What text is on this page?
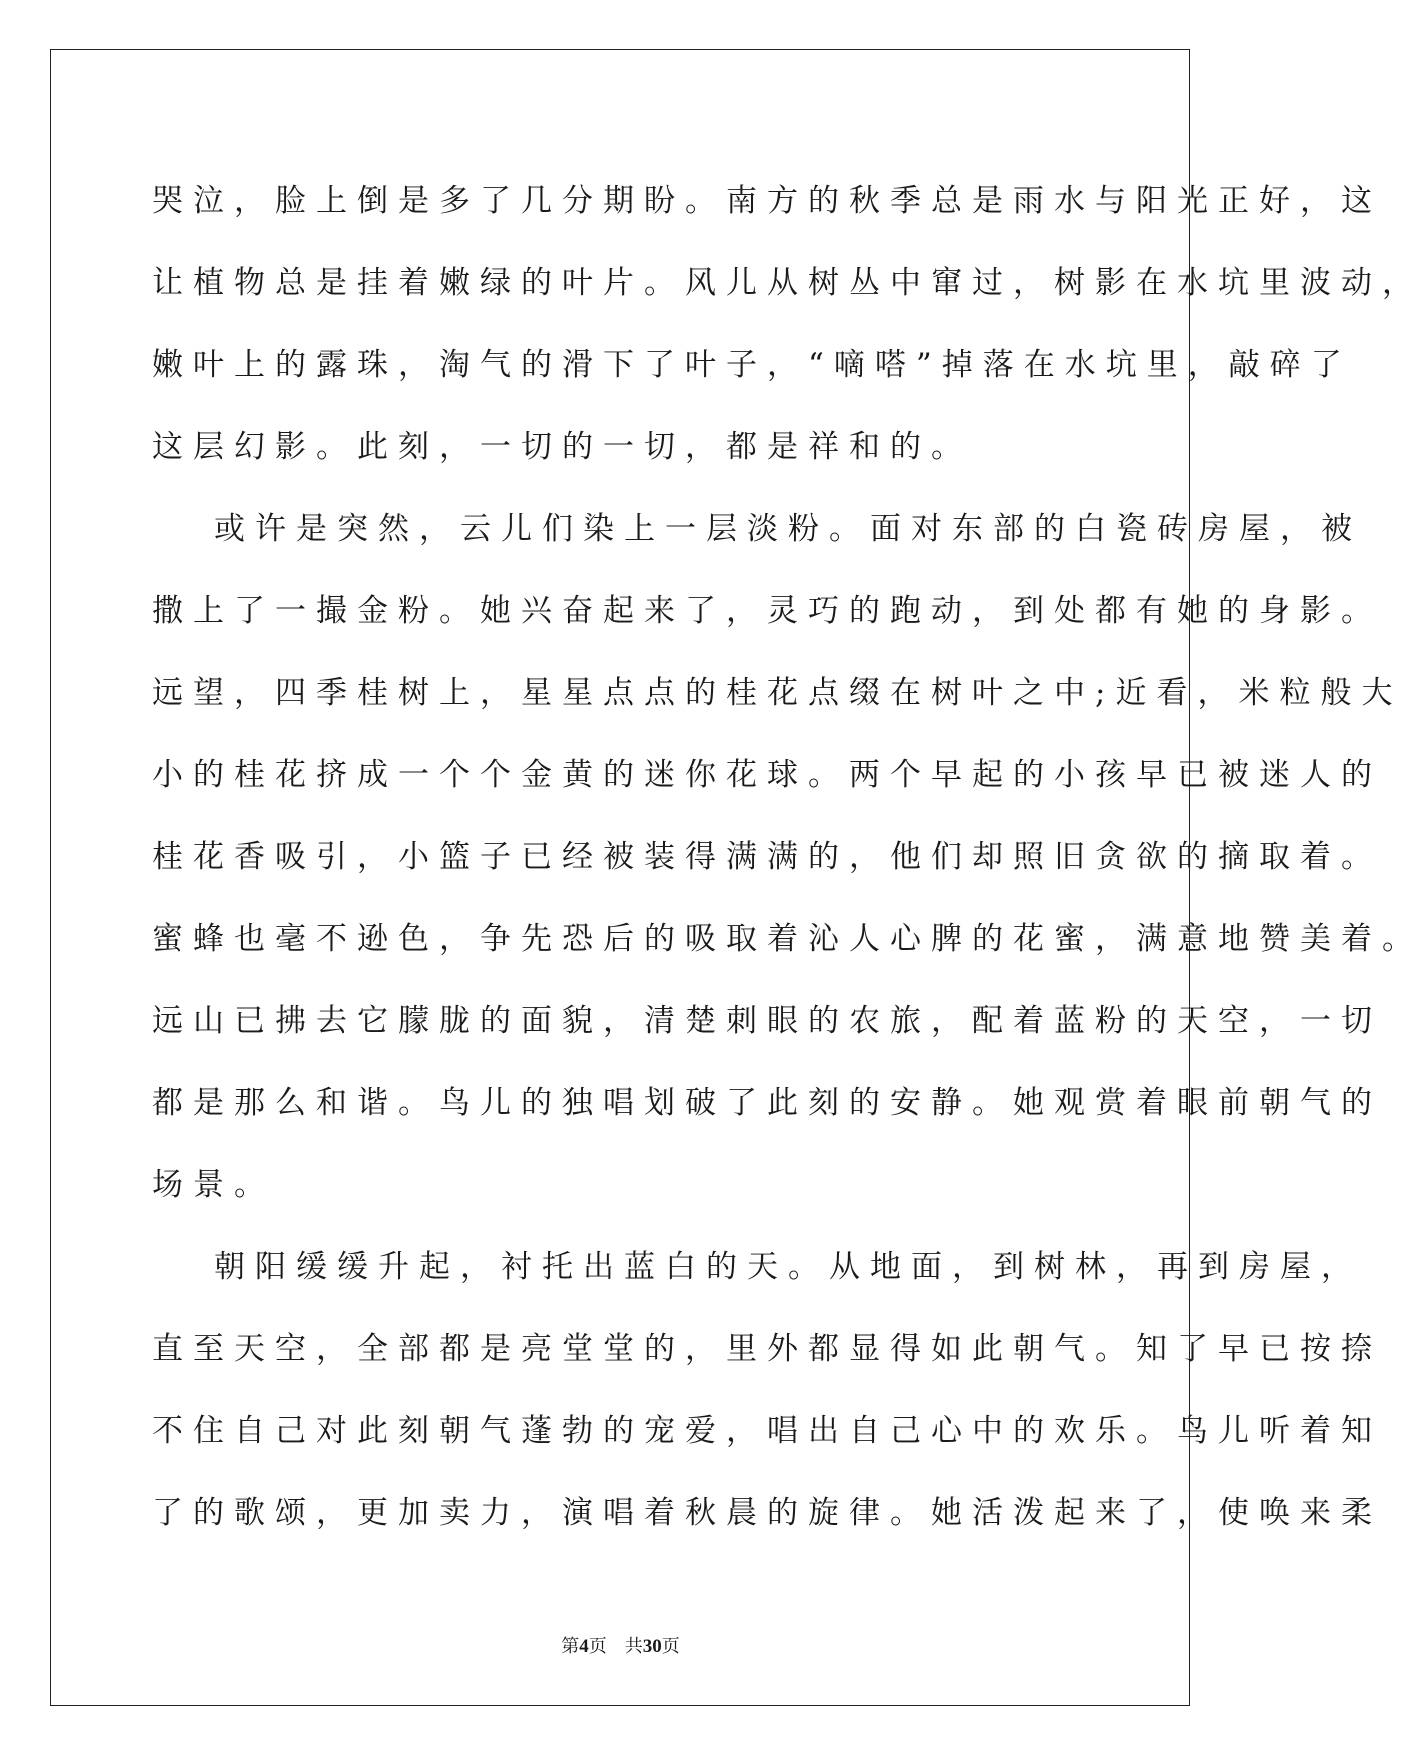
哭泣，脸上倒是多了几分期盼。南方的秋季总是雨水与阳光正好，这

让植物总是挂着嫩绿的叶片。风儿从树丛中窜过，树影在水坑里波动，

嫩叶上的露珠，淘气的滑下了叶子，“嘀嗒”掉落在水坑里，敲碎了

这层幻影。此刻，一切的一切，都是祥和的。

或许是突然，云儿们染上一层淡粉。面对东部的白瓷砖房屋，被

撒上了一撮金粉。她兴奋起来了，灵巧的跑动，到处都有她的身影。

远望，四季桂树上，星星点点的桂花点缀在树叶之中;近看，米粒般大

小的桂花挤成一个个金黄的迷你花球。两个早起的小孩早已被迷人的

桂花香吸引，小篮子已经被装得满满的，他们却照旧贪欲的摘取着。

蜜蜂也毫不逊色，争先恐后的吸取着沁人心脾的花蜜，满意地赞美着。

远山已拂去它朦胧的面貌，清楚刺眼的农旅，配着蓝粉的天空，一切

都是那么和谐。鸟儿的独唱划破了此刻的安静。她观赏着眼前朝气的

场景。

朝阳缓缓升起，衬托出蓝白的天。从地面，到树林，再到房屋，

直至天空，全部都是亮堂堂的，里外都显得如此朝气。知了早已按捺

不住自己对此刻朝气蓬勃的宠爱，唱出自己心中的欢乐。鸟儿听着知

了的歌颂，更加卖力，演唱着秋晨的旋律。她活泼起来了，使唤来柔

第4页 共30页
